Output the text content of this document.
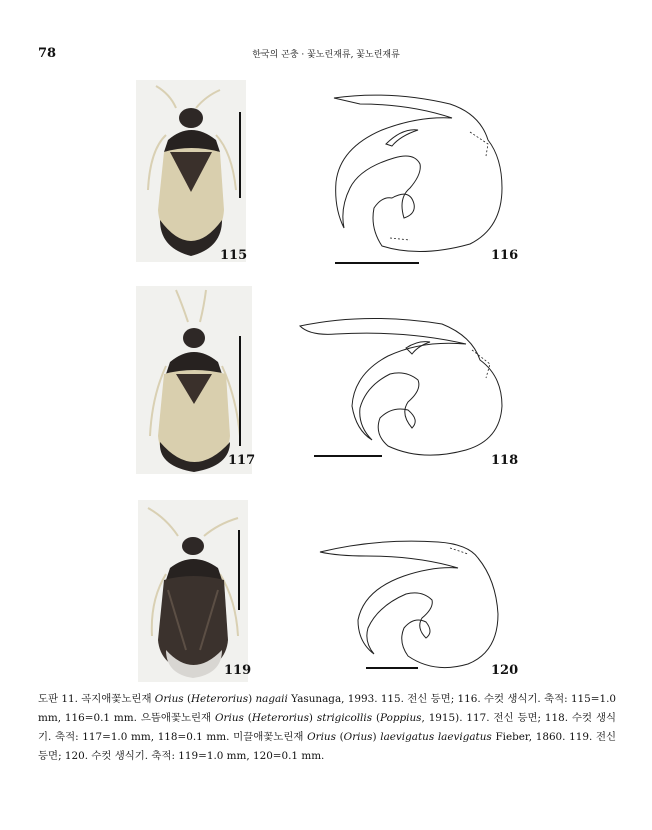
78	한국의 곤충 · 꽃노린재류, 꽃노린재류
115	116
117	118
119	120
도판 11. 곡지애꽃노린재 Orius (Heterorius) nagaii Yasunaga, 1993. 115. 전신 등면; 116. 수컷 생식기. 축적: 115=1.0 mm, 116=0.1 mm. 으뜸애꽃노린재 Orius (Heterorius) strigicollis (Poppius, 1915). 117. 전신 등면; 118. 수컷 생식기. 축적: 117=1.0 mm, 118=0.1 mm. 미끌애꽃노린재 Orius (Orius) laevigatus laevigatus Fieber, 1860. 119. 전신 등면; 120. 수컷 생식기. 축적: 119=1.0 mm, 120=0.1 mm.
